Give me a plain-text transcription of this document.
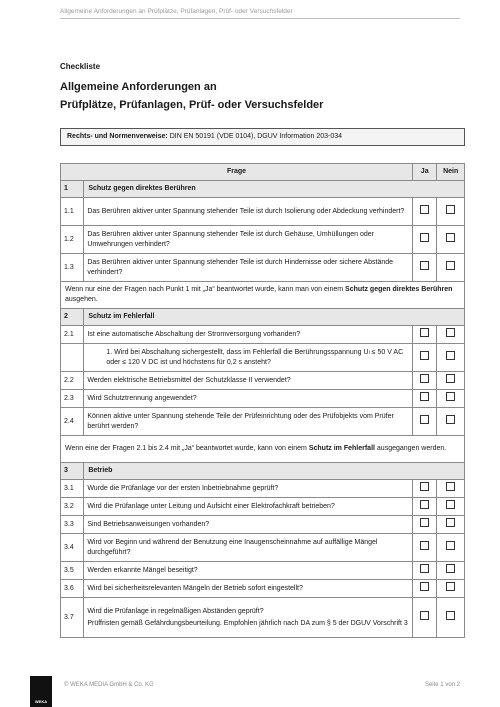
Allgemeine Anforderungen an Prüfplätze, Prüfanlagen, Prüf- oder Versuchsfelder
Checkliste
Allgemeine Anforderungen an
Prüfplätze, Prüfanlagen, Prüf- oder Versuchsfelder
Rechts- und Normenverweise: DIN EN 50191 (VDE 0104), DGUV Information 203-034
Frage		Ja	Nein
1	Schutz gegen direktes Berühren		
1.1	Das Berühren aktiver unter Spannung stehender Teile ist durch Isolierung oder Abdeckung verhindert?		

1.2	Das Berühren aktiver unter Spannung stehender Teile ist durch Gehäuse, Umhüllungen oder Umwehrungen verhindert?		

1.3	Das Berühren aktiver unter Spannung stehender Teile ist durch Hindernisse oder sichere Abstände verhindert?		

Wenn nur eine der Fragen nach Punkt 1 mit „Ja“ beantwortet wurde, kann man von einem Schutz gegen direktes Berühren ausgehen.			
2	Schutz im Fehlerfall		
2.1	Ist eine automatische Abschaltung der Stromversorgung vorhanden?		

	1. Wird bei Abschaltung sichergestellt, dass im Fehlerfall die Berührungsspannung Uₗ ≤ 50 V AC oder ≤ 120 V DC ist und höchstens für 0,2 s ansteht?		

2.2	Werden elektrische Betriebsmittel der Schutzklasse II verwendet?		

2.3	Wird Schutztrennung angewendet?		

2.4	Können aktive unter Spannung stehende Teile der Prüfeinrichtung oder des Prüfobjekts vom Prüfer berührt werden?		

Wenn eine der Fragen 2.1 bis 2.4 mit „Ja“ beantwortet wurde, kann von einem Schutz im Fehlerfall ausgegangen werden.			
3	Betrieb		
3.1	Wurde die Prüfanlage vor der ersten Inbetriebnahme geprüft?		

3.2	Wird die Prüfanlage unter Leitung und Aufsicht einer Elektrofachkraft betrieben?		

3.3	Sind Betriebsanweisungen vorhanden?		

3.4	Wird vor Beginn und während der Benutzung eine Inaugenscheinnahme auf auffällige Mängel durchgeführt?		

3.5	Werden erkannte Mängel beseitigt?		

3.6	Wird bei sicherheitsrelevanten Mängeln der Betrieb sofort eingestellt?		

3.7	Wird die Prüfanlage in regelmäßigen Abständen geprüft?
Prüffristen gemäß Gefährdungsbeurteilung. Empfohlen jährlich nach DA zum § 5 der DGUV Vorschrift 3		

WEKA
© WEKA MEDIA GmbH & Co. KG	Seite 1 von 2
